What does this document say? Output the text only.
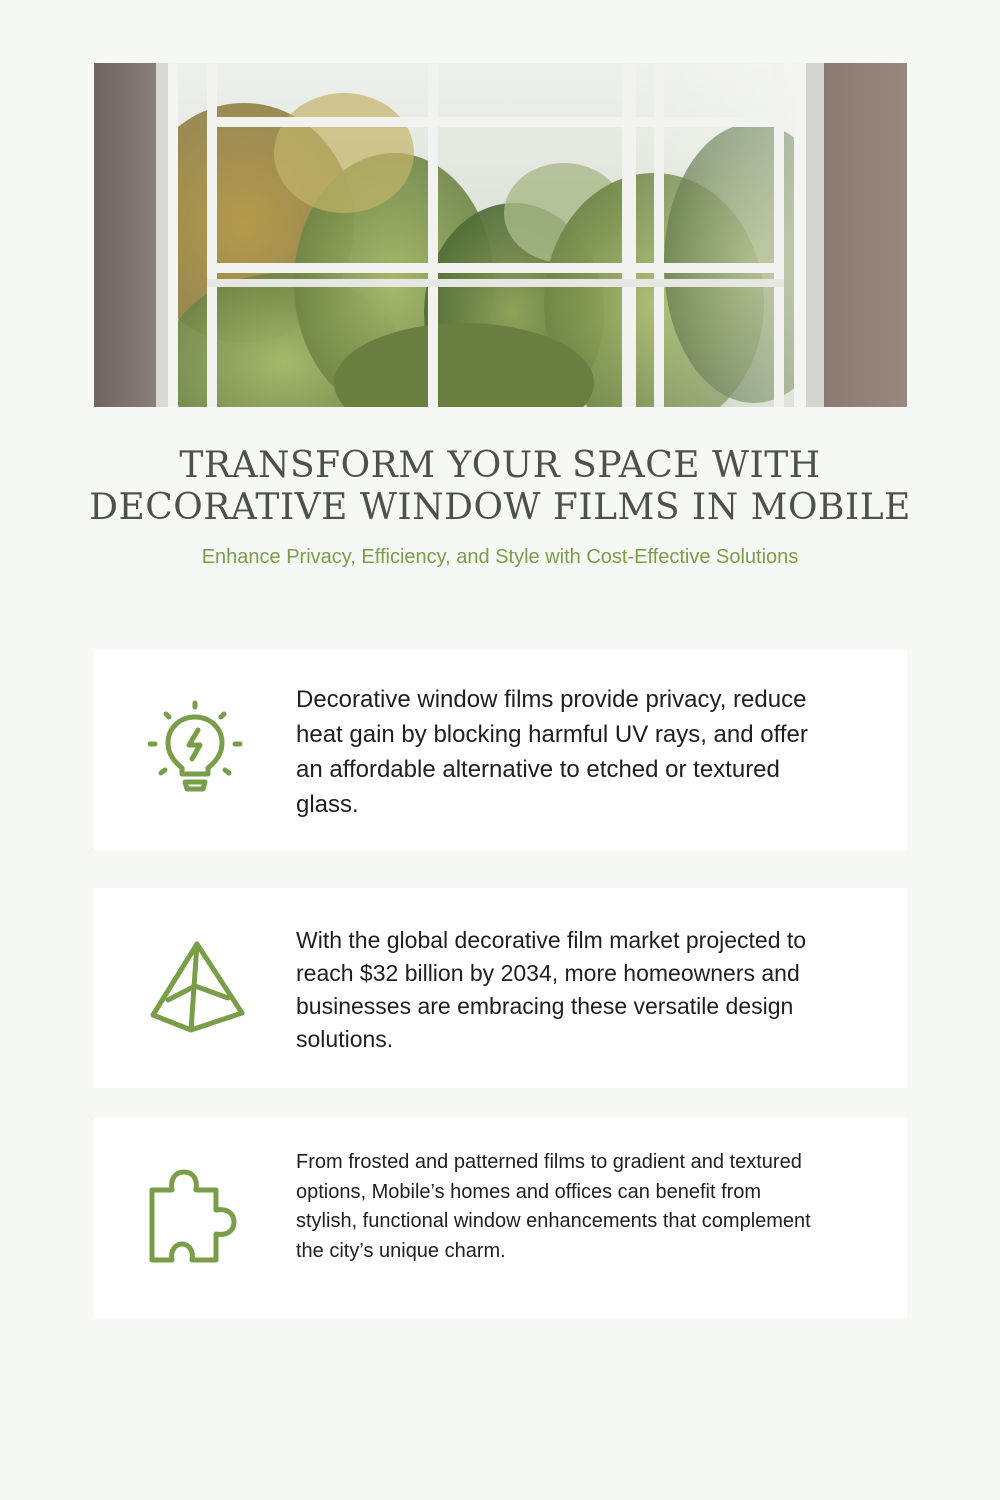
TRANSFORM YOUR SPACE WITH
DECORATIVE WINDOW FILMS IN MOBILE

Enhance Privacy, Efficiency, and Style with Cost-Effective Solutions

Decorative window films provide privacy, reduce heat gain by blocking harmful UV rays, and offer an affordable alternative to etched or textured glass.

With the global decorative film market projected to reach $32 billion by 2034, more homeowners and businesses are embracing these versatile design solutions.

From frosted and patterned films to gradient and textured options, Mobile’s homes and offices can benefit from stylish, functional window enhancements that complement the city’s unique charm.
